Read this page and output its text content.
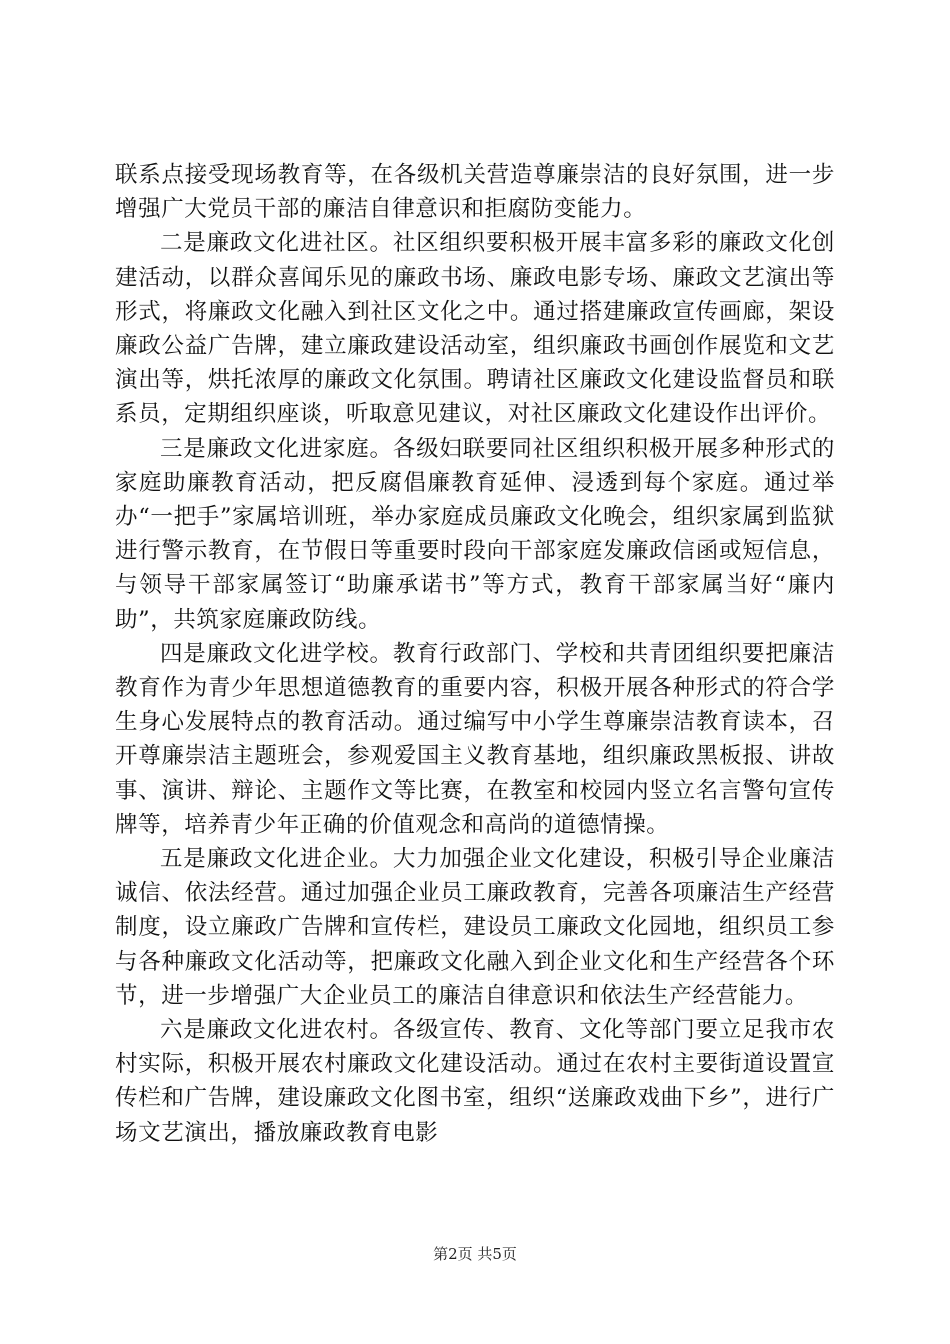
联系点接受现场教育等，在各级机关营造尊廉崇洁的良好氛围，进一步增强广大党员干部的廉洁自律意识和拒腐防变能力。

二是廉政文化进社区。社区组织要积极开展丰富多彩的廉政文化创建活动，以群众喜闻乐见的廉政书场、廉政电影专场、廉政文艺演出等形式，将廉政文化融入到社区文化之中。通过搭建廉政宣传画廊，架设廉政公益广告牌，建立廉政建设活动室，组织廉政书画创作展览和文艺演出等，烘托浓厚的廉政文化氛围。聘请社区廉政文化建设监督员和联系员，定期组织座谈，听取意见建议，对社区廉政文化建设作出评价。

三是廉政文化进家庭。各级妇联要同社区组织积极开展多种形式的家庭助廉教育活动，把反腐倡廉教育延伸、浸透到每个家庭。通过举办“一把手”家属培训班，举办家庭成员廉政文化晚会，组织家属到监狱进行警示教育，在节假日等重要时段向干部家庭发廉政信函或短信息，与领导干部家属签订“助廉承诺书”等方式，教育干部家属当好“廉内助”，共筑家庭廉政防线。

四是廉政文化进学校。教育行政部门、学校和共青团组织要把廉洁教育作为青少年思想道德教育的重要内容，积极开展各种形式的符合学生身心发展特点的教育活动。通过编写中小学生尊廉崇洁教育读本，召开尊廉崇洁主题班会，参观爱国主义教育基地，组织廉政黑板报、讲故事、演讲、辩论、主题作文等比赛，在教室和校园内竖立名言警句宣传牌等，培养青少年正确的价值观念和高尚的道德情操。

五是廉政文化进企业。大力加强企业文化建设，积极引导企业廉洁诚信、依法经营。通过加强企业员工廉政教育，完善各项廉洁生产经营制度，设立廉政广告牌和宣传栏，建设员工廉政文化园地，组织员工参与各种廉政文化活动等，把廉政文化融入到企业文化和生产经营各个环节，进一步增强广大企业员工的廉洁自律意识和依法生产经营能力。

六是廉政文化进农村。各级宣传、教育、文化等部门要立足我市农村实际，积极开展农村廉政文化建设活动。通过在农村主要街道设置宣传栏和广告牌，建设廉政文化图书室，组织“送廉政戏曲下乡”，进行广场文艺演出，播放廉政教育电影

第2页 共5页
